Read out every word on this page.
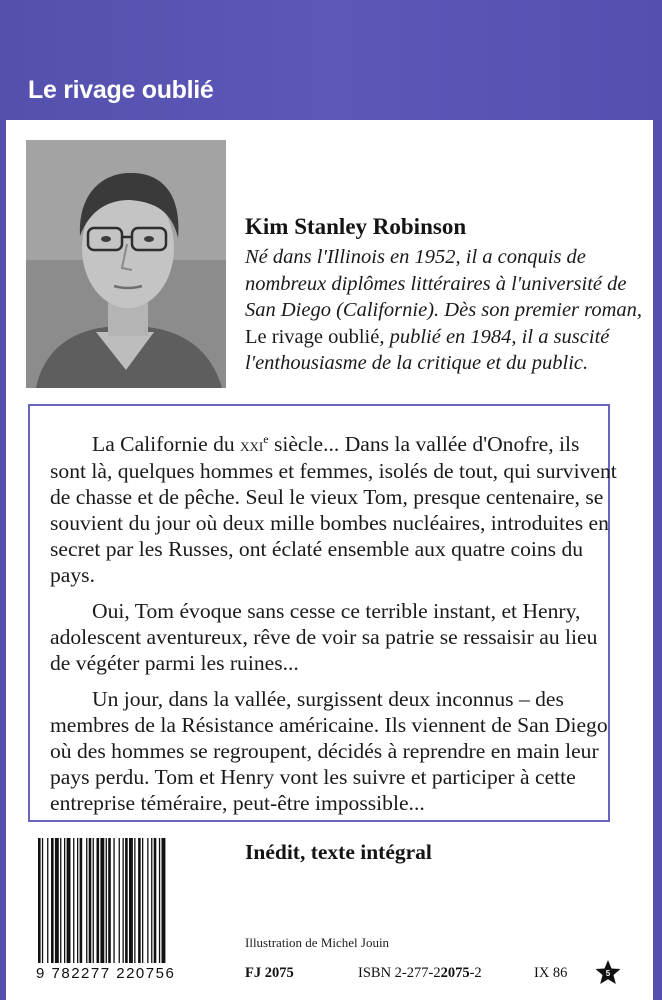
Le rivage oublié
Kim Stanley Robinson

Né dans l'Illinois en 1952, il a conquis de nombreux diplômes littéraires à l'université de San Diego (Californie). Dès son premier roman, Le rivage oublié, publié en 1984, il a suscité l'enthousiasme de la critique et du public.

La Californie du xxi$^e$ siècle... Dans la vallée d'Onofre, ils sont là, quelques hommes et femmes, isolés de tout, qui survivent de chasse et de pêche. Seul le vieux Tom, presque centenaire, se souvient du jour où deux mille bombes nucléaires, introduites en secret par les Russes, ont éclaté ensemble aux quatre coins du pays.

Oui, Tom évoque sans cesse ce terrible instant, et Henry, adolescent aventureux, rêve de voir sa patrie se ressaisir au lieu de végéter parmi les ruines...

Un jour, dans la vallée, surgissent deux inconnus – des membres de la Résistance américaine. Ils viennent de San Diego où des hommes se regroupent, décidés à reprendre en main leur pays perdu. Tom et Henry vont les suivre et participer à cette entreprise téméraire, peut-être impossible...

9 782277 220756

Inédit, texte intégral

Illustration de Michel Jouin

FJ 2075	ISBN 2-277-22075-2	IX 86	5
